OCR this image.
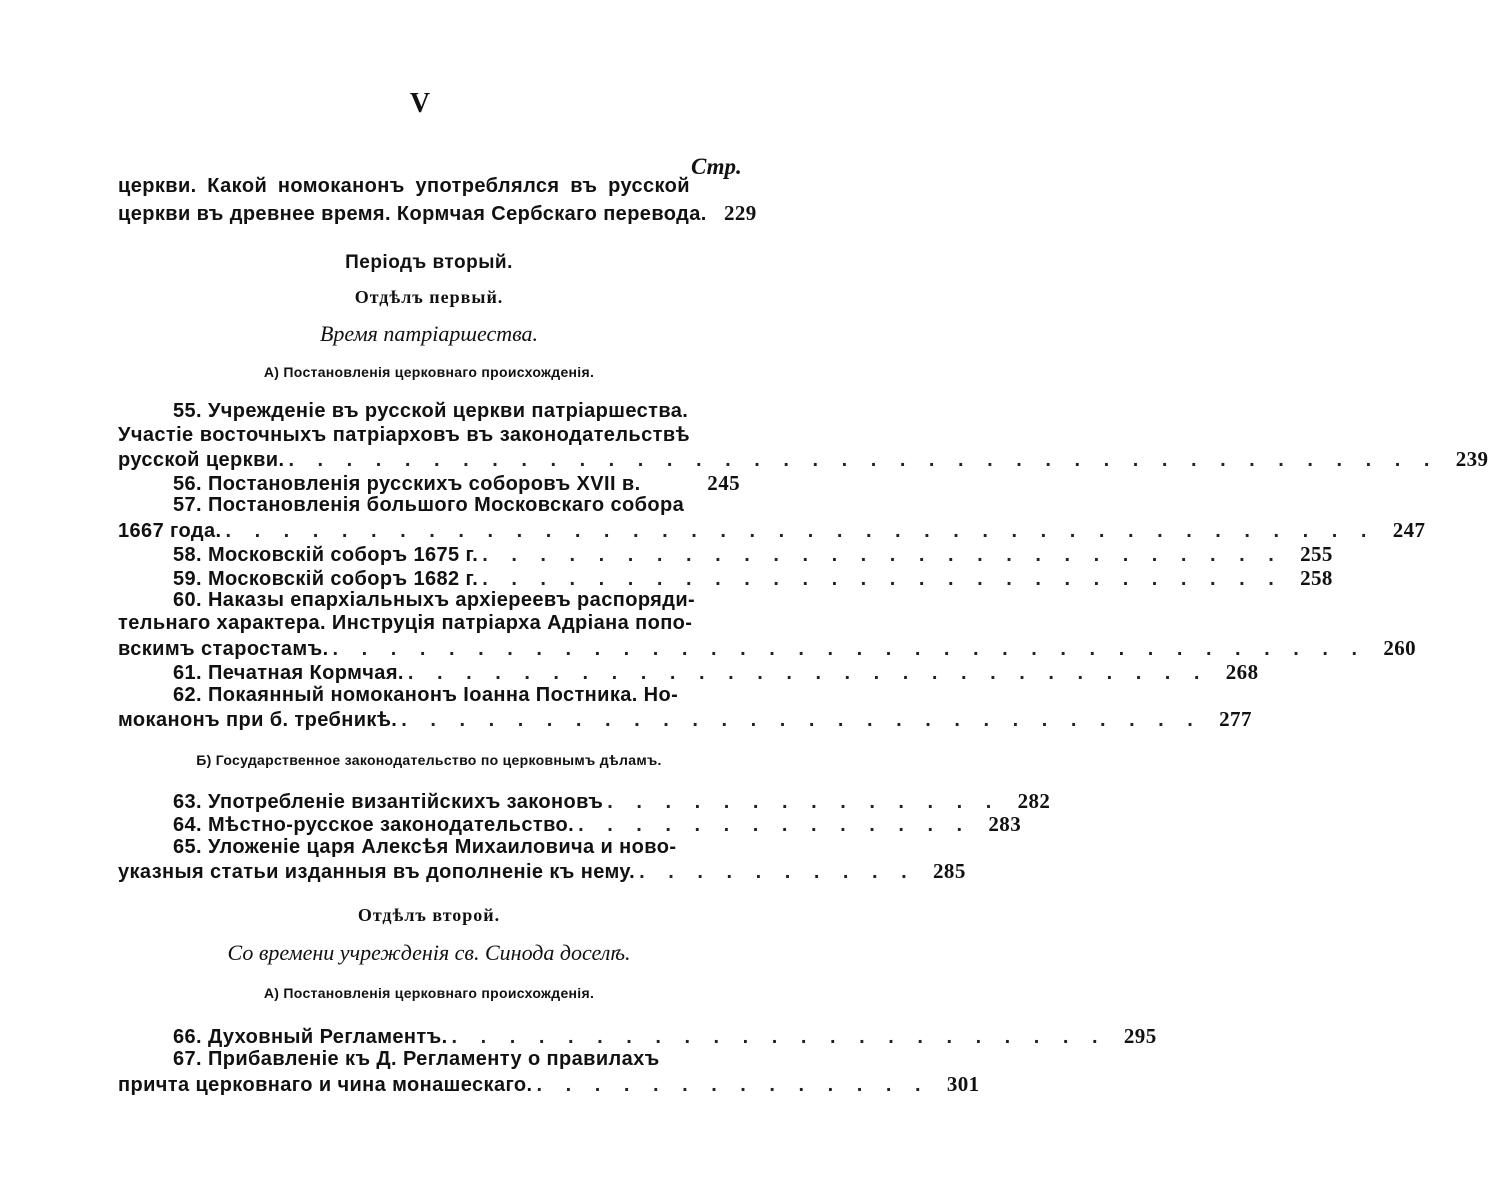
V
Стр.
церкви. Какой номоканонъ употреблялся въ русской
церкви въ древнее время. Кормчая Сербскаго перевода. 229
Періодъ вторый.
Отдѣлъ первый.
Время патріаршества.
А) Постановленія церковнаго происхожденія.
55. Учрежденіе въ русской церкви патріаршества.
Участіе восточныхъ патріарховъ въ законодательствѣ
русской церкви. . . . . . . . . . . . . . . . . . . . . . . . . . . . . . . . . . . . . . . . . 239
56. Постановленія русскихъ соборовъ XVII в.	245
57. Постановленія большого Московскаго собора
1667 года. . . . . . . . . . . . . . . . . . . . . . . . . . . . . . . . . . . . . . . . . 247
58. Московскій соборъ 1675 г. . . . . . . . . . . . . . . . . . . . . . . . . . . . . 255
59. Московскій соборъ 1682 г. . . . . . . . . . . . . . . . . . . . . . . . . . . . . 258
60. Наказы епархіальныхъ архіереевъ распоряди-
тельнаго характера. Инструція патріарха Адріана попо-
вскимъ старостамъ. . . . . . . . . . . . . . . . . . . . . . . . . . . . . . . . . . . . . 260
61. Печатная Кормчая. . . . . . . . . . . . . . . . . . . . . . . . . . . . . 268
62. Покаянный номоканонъ Іоанна Постника. Но-
моканонъ при б. требникѣ. . . . . . . . . . . . . . . . . . . . . . . . . . . . . 277
Б) Государственное законодательство по церковнымъ дѣламъ.
63. Употребленіе византійскихъ законовъ . . . . . . . . . . . . . . 282
64. Мѣстно-русское законодательство. . . . . . . . . . . . . . . 283
65. Уложеніе царя Алексѣя Михаиловича и ново-
указныя статьи изданныя въ дополненіе къ нему. . . . . . . . . . . 285
Отдѣлъ второй.
Со времени учрежденія св. Синода доселѣ.
А) Постановленія церковнаго происхожденія.
66. Духовный Регламентъ. . . . . . . . . . . . . . . . . . . . . . . . 295
67. Прибавленіе къ Д. Регламенту о правилахъ
причта церковнаго и чина монашескаго. . . . . . . . . . . . . . . 301
